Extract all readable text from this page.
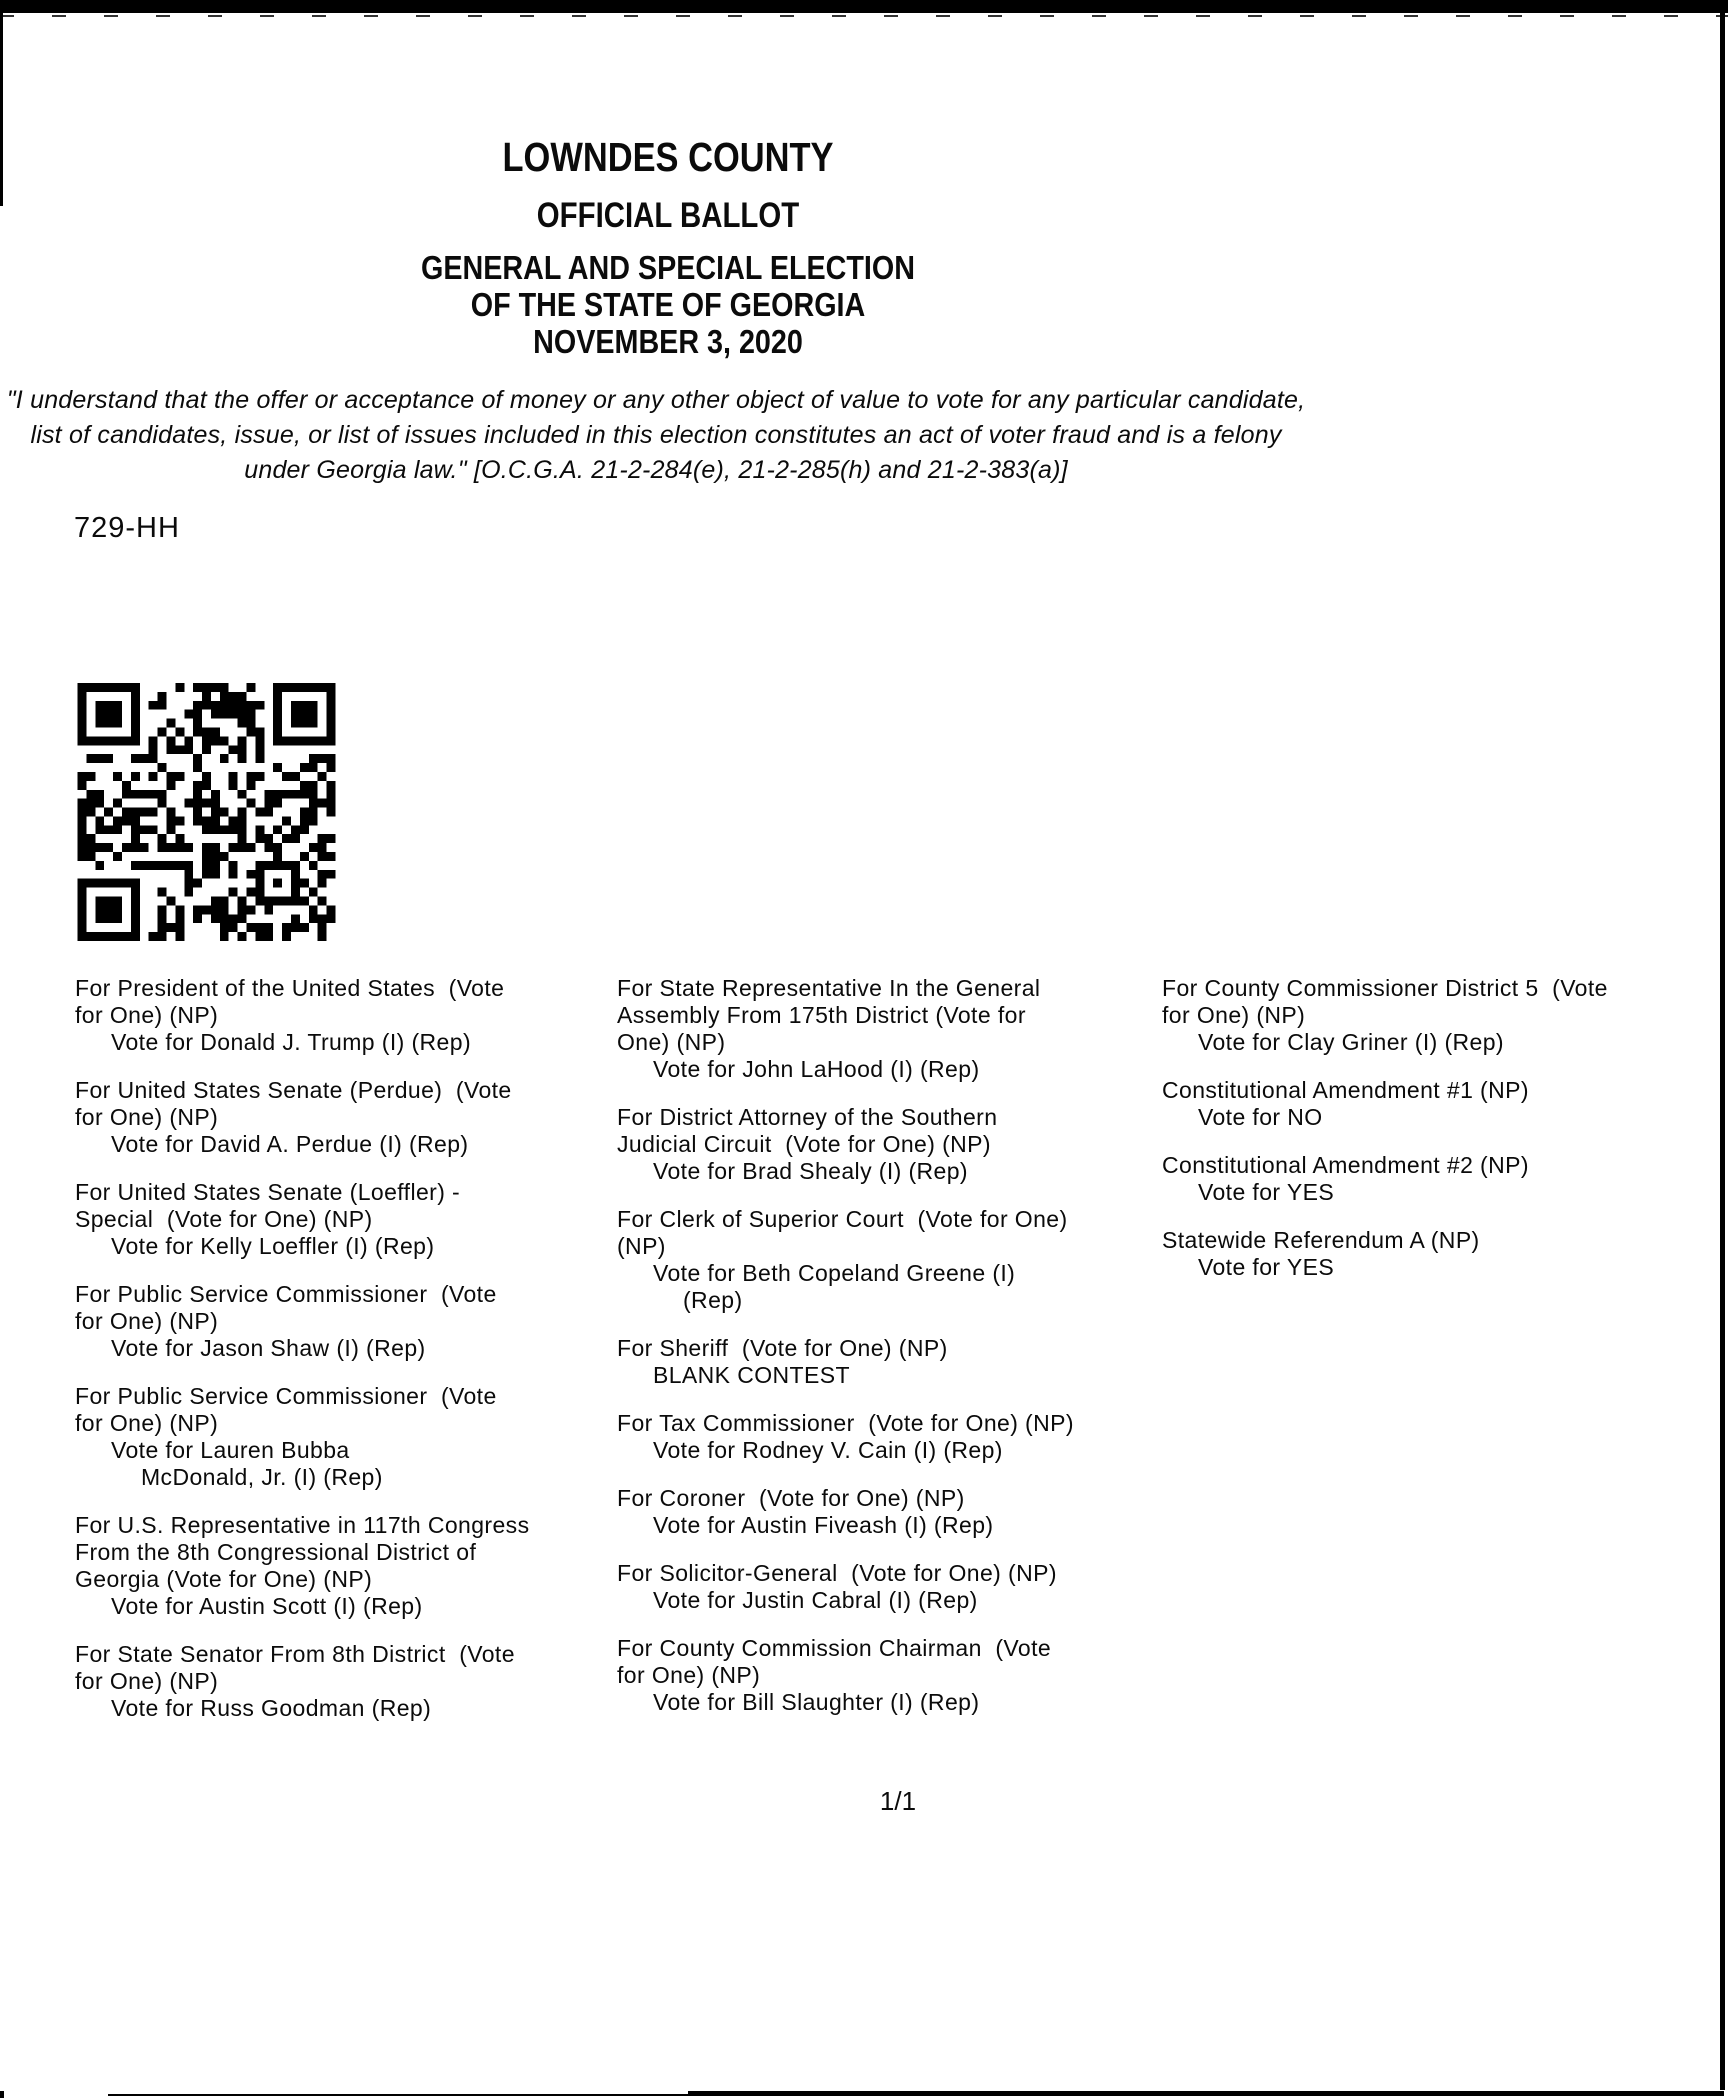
LOWNDES COUNTY
OFFICIAL BALLOT
GENERAL AND SPECIAL ELECTION
OF THE STATE OF GEORGIA
NOVEMBER 3, 2020
"I understand that the offer or acceptance of money or any other object of value to vote for any particular candidate,
list of candidates, issue, or list of issues included in this election constitutes an act of voter fraud and is a felony
under Georgia law." [O.C.G.A. 21-2-284(e), 21-2-285(h) and 21-2-383(a)]
729-HH
For President of the United States  (Vote
for One) (NP)
Vote for Donald J. Trump (I) (Rep)
For United States Senate (Perdue)  (Vote
for One) (NP)
Vote for David A. Perdue (I) (Rep)
For United States Senate (Loeffler) -
Special  (Vote for One) (NP)
Vote for Kelly Loeffler (I) (Rep)
For Public Service Commissioner  (Vote
for One) (NP)
Vote for Jason Shaw (I) (Rep)
For Public Service Commissioner  (Vote
for One) (NP)
Vote for Lauren Bubba
McDonald, Jr. (I) (Rep)
For U.S. Representative in 117th Congress
From the 8th Congressional District of
Georgia (Vote for One) (NP)
Vote for Austin Scott (I) (Rep)
For State Senator From 8th District  (Vote
for One) (NP)
Vote for Russ Goodman (Rep)
For State Representative In the General
Assembly From 175th District (Vote for
One) (NP)
Vote for John LaHood (I) (Rep)
For District Attorney of the Southern
Judicial Circuit  (Vote for One) (NP)
Vote for Brad Shealy (I) (Rep)
For Clerk of Superior Court  (Vote for One)
(NP)
Vote for Beth Copeland Greene (I)
(Rep)
For Sheriff  (Vote for One) (NP)
BLANK CONTEST
For Tax Commissioner  (Vote for One) (NP)
Vote for Rodney V. Cain (I) (Rep)
For Coroner  (Vote for One) (NP)
Vote for Austin Fiveash (I) (Rep)
For Solicitor-General  (Vote for One) (NP)
Vote for Justin Cabral (I) (Rep)
For County Commission Chairman  (Vote
for One) (NP)
Vote for Bill Slaughter (I) (Rep)
For County Commissioner District 5  (Vote
for One) (NP)
Vote for Clay Griner (I) (Rep)
Constitutional Amendment #1 (NP)
Vote for NO
Constitutional Amendment #2 (NP)
Vote for YES
Statewide Referendum A (NP)
Vote for YES
1/1
